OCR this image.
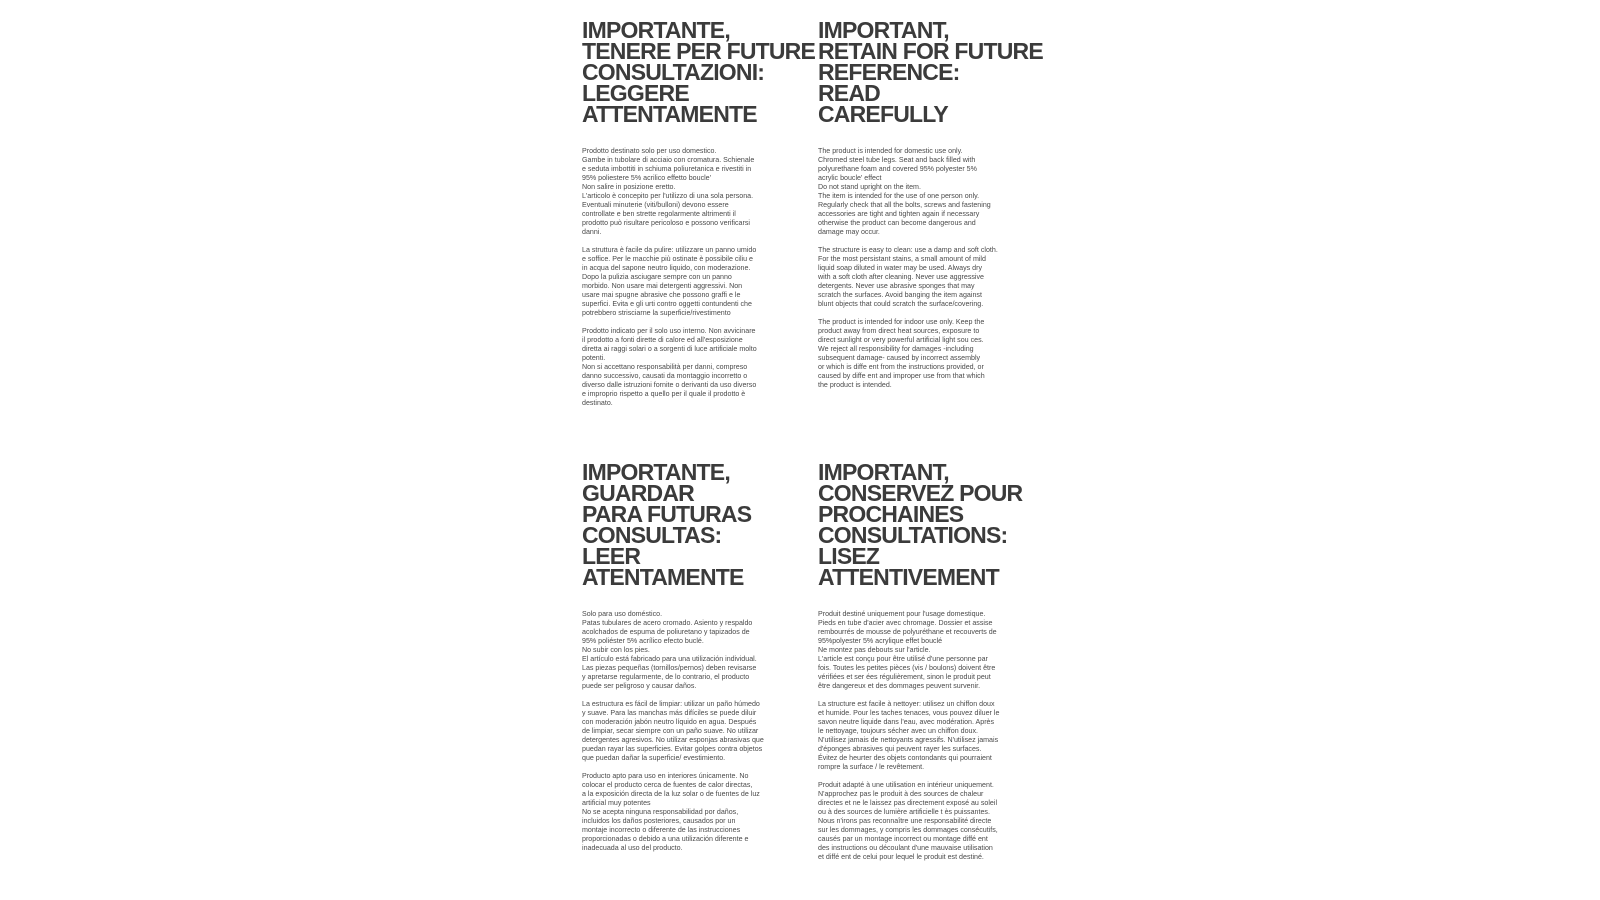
IMPORTANTE,
TENERE PER FUTURE
CONSULTAZIONI:
LEGGERE
ATTENTAMENTE

Prodotto destinato solo per uso domestico.
Gambe in tubolare di acciaio con cromatura. Schienale
e seduta imbottiti in schiuma poliuretanica e rivestiti in
95% poliestere 5% acrilico effetto boucle'
Non salire in posizione eretto.
L'articolo è concepito per l'utilizzo di una sola persona.
Eventuali minuterie (viti/bulloni) devono essere
controllate e ben strette regolarmente altrimenti il
prodotto può risultare pericoloso e possono verificarsi
danni.

La struttura è facile da pulire: utilizzare un panno umido
e soffice. Per le macchie più ostinate è possibile ciliu e
in acqua del sapone neutro liquido, con moderazione.
Dopo la pulizia asciugare sempre con un panno
morbido. Non usare mai detergenti aggressivi. Non
usare mai spugne abrasive che possono graffi e le
superfici. Evita e gli urti contro oggetti contundenti che
potrebbero strisciarne la superficie/rivestimento

Prodotto indicato per il solo uso interno. Non avvicinare
il prodotto a fonti dirette di calore ed all'esposizione
diretta ai raggi solari o a sorgenti di luce artificiale molto
potenti.
Non si accettano responsabilità per danni, compreso
danno successivo, causati da montaggio incorretto o
diverso dalle istruzioni fornite o derivanti da uso diverso
e improprio rispetto a quello per il quale il prodotto è
destinato.

IMPORTANT,
RETAIN FOR FUTURE
REFERENCE:
READ
CAREFULLY

The product is intended for domestic use only.
Chromed steel tube legs. Seat and back filled with
polyurethane foam and covered 95% polyester 5%
acrylic boucle' effect
Do not stand upright on the item.
The item is intended for the use of one person only.
Regularly check that all the bolts, screws and fastening
accessories are tight and tighten again if necessary
otherwise the product can become dangerous and
damage may occur.

The structure is easy to clean: use a damp and soft cloth.
For the most persistant stains, a small amount of mild
liquid soap diluted in water may be used. Always dry
with a soft cloth after cleaning. Never use aggressive
detergents. Never use abrasive sponges that may
scratch the surfaces. Avoid banging the item against
blunt objects that could scratch the surface/covering.

The product is intended for indoor use only. Keep the
product away from direct heat sources, exposure to
direct sunlight or very powerful artificial light sou ces.
We reject all responsibility for damages -including
subsequent damage- caused by incorrect assembly
or which is diffe ent from the instructions provided, or
caused by diffe ent and improper use from that which
the product is intended.

IMPORTANTE,
GUARDAR
PARA FUTURAS
CONSULTAS:
LEER
ATENTAMENTE

Solo para uso doméstico.
Patas tubulares de acero cromado. Asiento y respaldo
acolchados de espuma de poliuretano y tapizados de
95% poliéster 5% acrílico efecto buclé.
No subir con los pies.
El artículo está fabricado para una utilización individual.
Las piezas pequeñas (tornillos/pernos) deben revisarse
y apretarse regularmente, de lo contrario, el producto
puede ser peligroso y causar daños.

La estructura es fácil de limpiar: utilizar un paño húmedo
y suave. Para las manchas más difíciles se puede diluir
con moderación jabón neutro líquido en agua. Después
de limpiar, secar siempre con un paño suave. No utilizar
detergentes agresivos. No utilizar esponjas abrasivas que
puedan rayar las superficies. Evitar golpes contra objetos
que puedan dañar la superficie/ evestimiento.

Producto apto para uso en interiores únicamente. No
colocar el producto cerca de fuentes de calor directas,
a la exposición directa de la luz solar o de fuentes de luz
artificial muy potentes
No se acepta ninguna responsabilidad por daños,
incluidos los daños posteriores, causados por un
montaje incorrecto o diferente de las instrucciones
proporcionadas o debido a una utilización diferente e
inadecuada al uso del producto.

IMPORTANT,
CONSERVEZ POUR
PROCHAINES
CONSULTATIONS:
LISEZ
ATTENTIVEMENT

Produit destiné uniquement pour l'usage domestique.
Pieds en tube d'acier avec chromage. Dossier et assise
rembourrés de mousse de polyuréthane et recouverts de
95%polyester 5% acrylique effet bouclé
Ne montez pas debouts sur l'article.
L'article est conçu pour être utilisé d'une personne par
fois. Toutes les petites pièces (vis / boulons) doivent être
vérifiées et ser ées régulièrement, sinon le produit peut
être dangereux et des dommages peuvent survenir.

La structure est facile à nettoyer: utilisez un chiffon doux
et humide. Pour les taches tenaces, vous pouvez diluer le
savon neutre liquide dans l'eau, avec modération. Après
le nettoyage, toujours sécher avec un chiffon doux.
N'utilisez jamais de nettoyants agressifs. N'utilisez jamais
d'éponges abrasives qui peuvent rayer les surfaces.
Évitez de heurter des objets contondants qui pourraient
rompre la surface / le revêtement.

Produit adapté à une utilisation en intérieur uniquement.
N'approchez pas le produit à des sources de chaleur
directes et ne le laissez pas directement exposé au soleil
ou à des sources de lumière artificielle t ès puissantes.
Nous n'irons pas reconnaître une responsabilité directe
sur les dommages, y compris les dommages consécutifs,
causés par un montage incorrect ou montage diffé ent
des instructions ou découlant d'une mauvaise utilisation
et diffé ent de celui pour lequel le produit est destiné.
